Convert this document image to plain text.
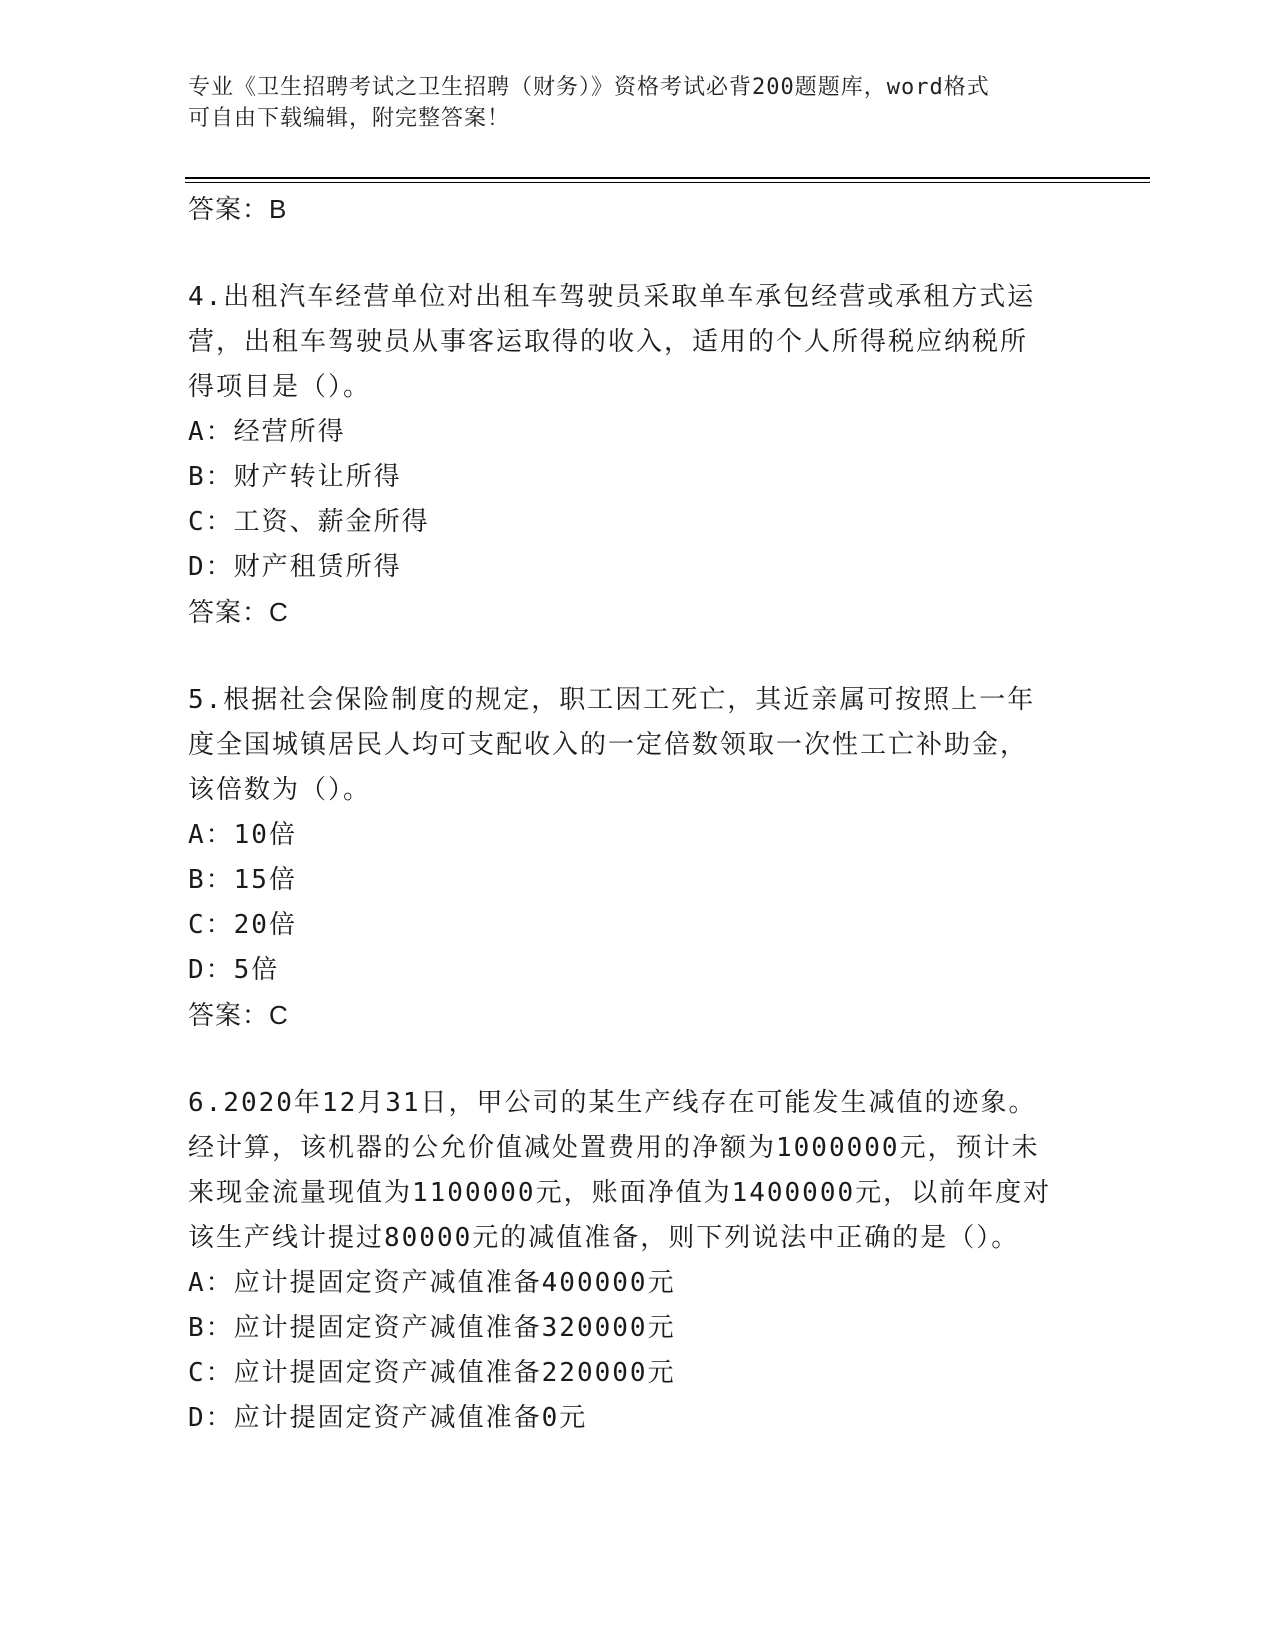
专业《卫生招聘考试之卫生招聘（财务）》资格考试必背200题题库，word格式
可自由下载编辑，附完整答案！
答案：B
4.出租汽车经营单位对出租车驾驶员采取单车承包经营或承租方式运
营，出租车驾驶员从事客运取得的收入，适用的个人所得税应纳税所
得项目是（）。
A：经营所得
B：财产转让所得
C：工资、薪金所得
D：财产租赁所得
答案：C
5.根据社会保险制度的规定，职工因工死亡，其近亲属可按照上一年
度全国城镇居民人均可支配收入的一定倍数领取一次性工亡补助金，
该倍数为（）。
A：10倍
B：15倍
C：20倍
D：5倍
答案：C
6.2020年12月31日，甲公司的某生产线存在可能发生减值的迹象。
经计算，该机器的公允价值减处置费用的净额为1000000元，预计未
来现金流量现值为1100000元，账面净值为1400000元，以前年度对
该生产线计提过80000元的减值准备，则下列说法中正确的是（）。
A：应计提固定资产减值准备400000元
B：应计提固定资产减值准备320000元
C：应计提固定资产减值准备220000元
D：应计提固定资产减值准备0元
